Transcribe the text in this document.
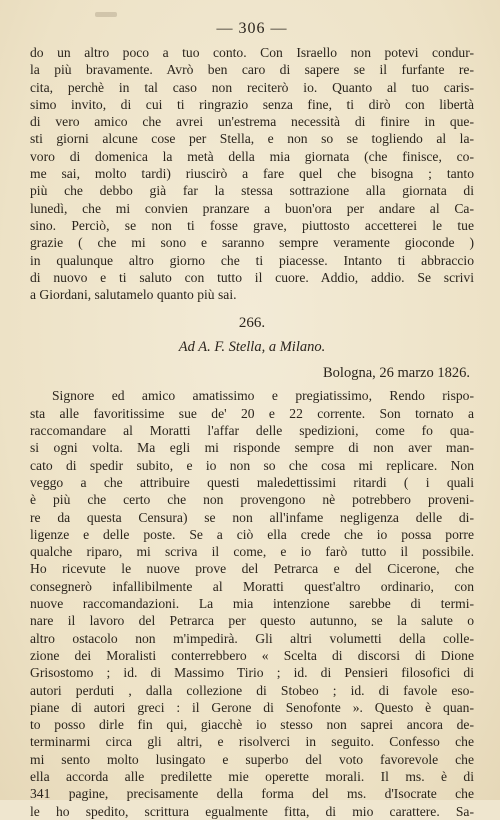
— 306 —
do un altro poco a tuo conto. Con Israello non potevi condur-
la più bravamente. Avrò ben caro di sapere se il furfante re-
cita, perchè in tal caso non reciterò io. Quanto al tuo caris-
simo invito, di cui ti ringrazio senza fine, ti dirò con libertà
di vero amico che avrei un'estrema necessità di finire in que-
sti giorni alcune cose per Stella, e non so se togliendo al la-
voro di domenica la metà della mia giornata (che finisce, co-
me sai, molto tardi) riuscirò a fare quel che bisogna ; tanto
più che debbo già far la stessa sottrazione alla giornata di
lunedì, che mi convien pranzare a buon'ora per andare al Ca-
sino. Perciò, se non ti fosse grave, piuttosto accetterei le tue
grazie ( che mi sono e saranno sempre veramente gioconde )
in qualunque altro giorno che ti piacesse. Intanto ti abbraccio
di nuovo e ti saluto con tutto il cuore. Addio, addio. Se scrivi
a Giordani, salutamelo quanto più sai.
266.
Ad A. F. Stella, a Milano.
Bologna, 26 marzo 1826.
Signore ed amico amatissimo e pregiatissimo, Rendo rispo-
sta alle favoritissime sue de' 20 e 22 corrente. Son tornato a
raccomandare al Moratti l'affar delle spedizioni, come fo qua-
si ogni volta. Ma egli mi risponde sempre di non aver man-
cato di spedir subito, e io non so che cosa mi replicare. Non
veggo a che attribuire questi maledettissimi ritardi ( i quali
è più che certo che non provengono nè potrebbero proveni-
re da questa Censura) se non all'infame negligenza delle di-
ligenze e delle poste. Se a ciò ella crede che io possa porre
qualche riparo, mi scriva il come, e io farò tutto il possibile.
Ho ricevute le nuove prove del Petrarca e del Cicerone, che
consegnerò infallibilmente al Moratti quest'altro ordinario, con
nuove raccomandazioni. La mia intenzione sarebbe di termi-
nare il lavoro del Petrarca per questo autunno, se la salute o
altro ostacolo non m'impedirà. Gli altri volumetti della colle-
zione dei Moralisti conterrebbero « Scelta di discorsi di Dione
Grisostomo ; id. di Massimo Tirio ; id. di Pensieri filosofici di
autori perduti , dalla collezione di Stobeo ; id. di favole eso-
piane di autori greci : il Gerone di Senofonte ». Questo è quan-
to posso dirle fin qui, giacchè io stesso non saprei ancora de-
terminarmi circa gli altri, e risolverci in seguito. Confesso che
mi sento molto lusingato e superbo del voto favorevole che
ella accorda alle predilette mie operette morali. Il ms. è di
341 pagine, precisamente della forma del ms. d'Isocrate che
le ho spedito, scrittura egualmente fitta, di mio carattere. Sa-
